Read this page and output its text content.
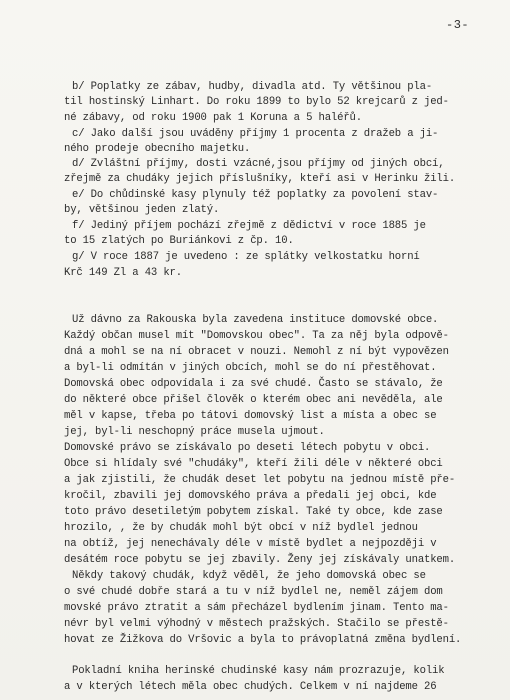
-3-
b/ Poplatky ze zábav, hudby, divadla atd. Ty většinou pla-
til hostinský Linhart. Do roku 1899 to bylo 52 krejcarů z jed-
né zábavy, od roku 1900 pak 1 Koruna a 5 haléřů.
c/ Jako další jsou uváděny příjmy 1 procenta z dražeb a ji-
ného prodeje obecního majetku.
d/ Zvláštní příjmy, dosti vzácné,jsou příjmy od jiných obcí,
zřejmě za chudáky jejich příslušníky, kteří asi v Herinku žili.
e/ Do chůdinské kasy plynuly též poplatky za povolení stav-
by, většinou jeden zlatý.
f/ Jediný příjem pochází zřejmě z dědictví v roce 1885 je
to 15 zlatých po Buriánkovi z čp. 10.
g/ V roce 1887 je uvedeno : ze splátky velkostatku horní
Krč 149 Zl a 43 kr.
Už dávno za Rakouska byla zavedena instituce domovské obce.
Každý občan musel mít "Domovskou obec". Ta za něj byla odpově-
dná a mohl se na ní obracet v nouzi. Nemohl z ní být vypovězen
a byl-li odmítán v jiných obcích, mohl se do ní přestěhovat.
Domovská obec odpovídala i za své chudé. Často se stávalo, že
do některé obce přišel člověk o kterém obec ani nevěděla, ale
měl v kapse, třeba po tátovi domovský list a místa a obec se
jej, byl-li neschopný práce musela ujmout.
Domovské právo se získávalo po deseti létech pobytu v obci.
Obce si hlídaly své "chudáky", kteří žili déle v některé obci
a jak zjistili, že chudák deset let pobytu na jednou místě pře-
kročil, zbavili jej domovského práva a předali jej obci, kde
toto právo desetiletým pobytem získal. Také ty obce, kde zase
hrozilo, , že by chudák mohl být obcí v níž bydlel jednou
na obtíž, jej nenechávaly déle v místě bydlet a nejpozději v
desátém roce pobytu se jej zbavily. Ženy jej získávaly unatkem.
Někdy takový chudák, když věděl, že jeho domovská obec se
o své chudé dobře stará a tu v níž bydlel ne, neměl zájem dom
movské právo ztratit a sám přecházel bydlením jinam. Tento ma-
névr byl velmi výhodný v městech pražských. Stačilo se přestě-
hovat ze Žižkova do Vršovic a byla to právoplatná změna bydlení.
Pokladní kniha herinské chudinské kasy nám prozrazuje, kolik
a v kterých létech měla obec chudých. Celkem v ní najdeme 26
